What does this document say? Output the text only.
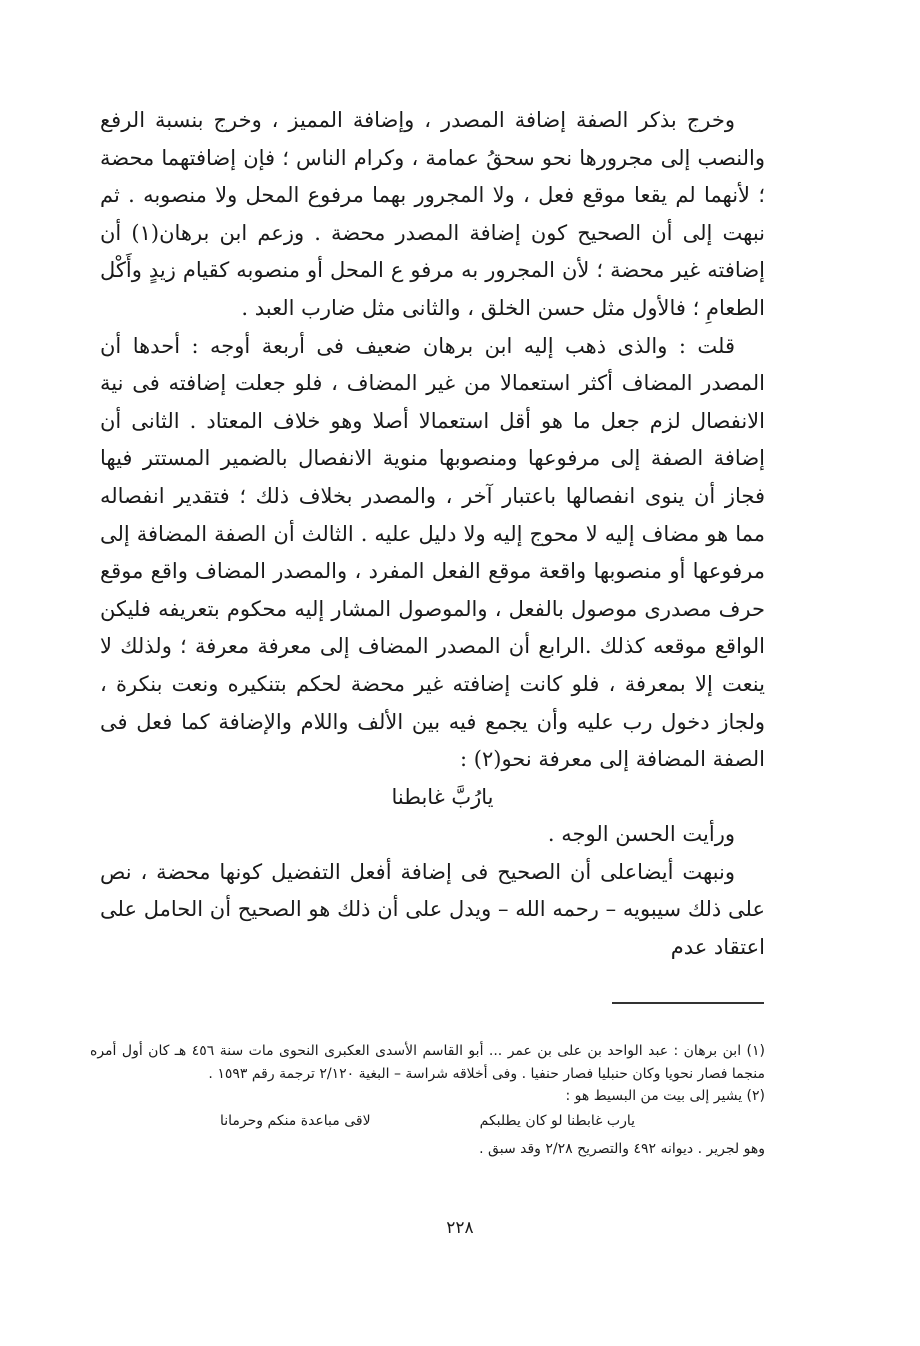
وخرج بذكر الصفة إضافة المصدر ، وإضافة المميز ، وخرج بنسبة الرفع والنصب إلى مجرورها نحو سحقُ عمامة ، وكرام الناس ؛ فإن إضافتهما محضة ؛ لأنهما لم يقعا موقع فعل ، ولا المجرور بهما مرفوع المحل ولا منصوبه . ثم نبهت إلى أن الصحيح كون إضافة المصدر محضة . وزعم ابن برهان(١) أن إضافته غير محضة ؛ لأن المجرور به مرفو ع المحل أو منصوبه كقيام زيدٍ وأَكْل الطعامِ ؛ فالأول مثل حسن الخلق ، والثانى مثل ضارب العبد .

قلت : والذى ذهب إليه ابن برهان ضعيف فى أربعة أوجه : أحدها أن المصدر المضاف أكثر استعمالا من غير المضاف ، فلو جعلت إضافته فى نية الانفصال لزم جعل ما هو أقل استعمالا أصلا وهو خلاف المعتاد . الثانى أن إضافة الصفة إلى مرفوعها ومنصوبها منوية الانفصال بالضمير المستتر فيها فجاز أن ينوى انفصالها باعتبار آخر ، والمصدر بخلاف ذلك ؛ فتقدير انفصاله مما هو مضاف إليه لا محوج إليه ولا دليل عليه . الثالث أن الصفة المضافة إلى مرفوعها أو منصوبها واقعة موقع الفعل المفرد ، والمصدر المضاف واقع موقع حرف مصدرى موصول بالفعل ، والموصول المشار إليه محكوم بتعريفه فليكن الواقع موقعه كذلك .الرابع أن المصدر المضاف إلى معرفة معرفة ؛ ولذلك لا ينعت إلا بمعرفة ، فلو كانت إضافته غير محضة لحكم بتنكيره ونعت بنكرة ، ولجاز دخول رب عليه وأن يجمع فيه بين الألف واللام والإضافة كما فعل فى الصفة المضافة إلى معرفة نحو(٢) :

يارُبَّ غابطنا

ورأيت الحسن الوجه .

ونبهت أيضاعلى أن الصحيح فى إضافة أفعل التفضيل كونها محضة ، نص على ذلك سيبويه – رحمه الله – ويدل على أن ذلك هو الصحيح أن الحامل على اعتقاد عدم

(١) ابن برهان : عبد الواحد بن على بن عمر ... أبو القاسم الأسدى العكبرى النحوى مات سنة ٤٥٦ هـ كان أول أمره منجما فصار نحويا وكان حنبليا فصار حنفيا . وفى أخلاقه شراسة – البغية ٢/١٢٠ ترجمة رقم ١٥٩٣ .

(٢) يشير إلى بيت من البسيط هو :

يارب غابطنا لو كان يطلبكم
لاقى مباعدة منكم وحرمانا

وهو لجرير . ديوانه ٤٩٢ والتصريح ٢/٢٨ وقد سبق .

٢٢٨
